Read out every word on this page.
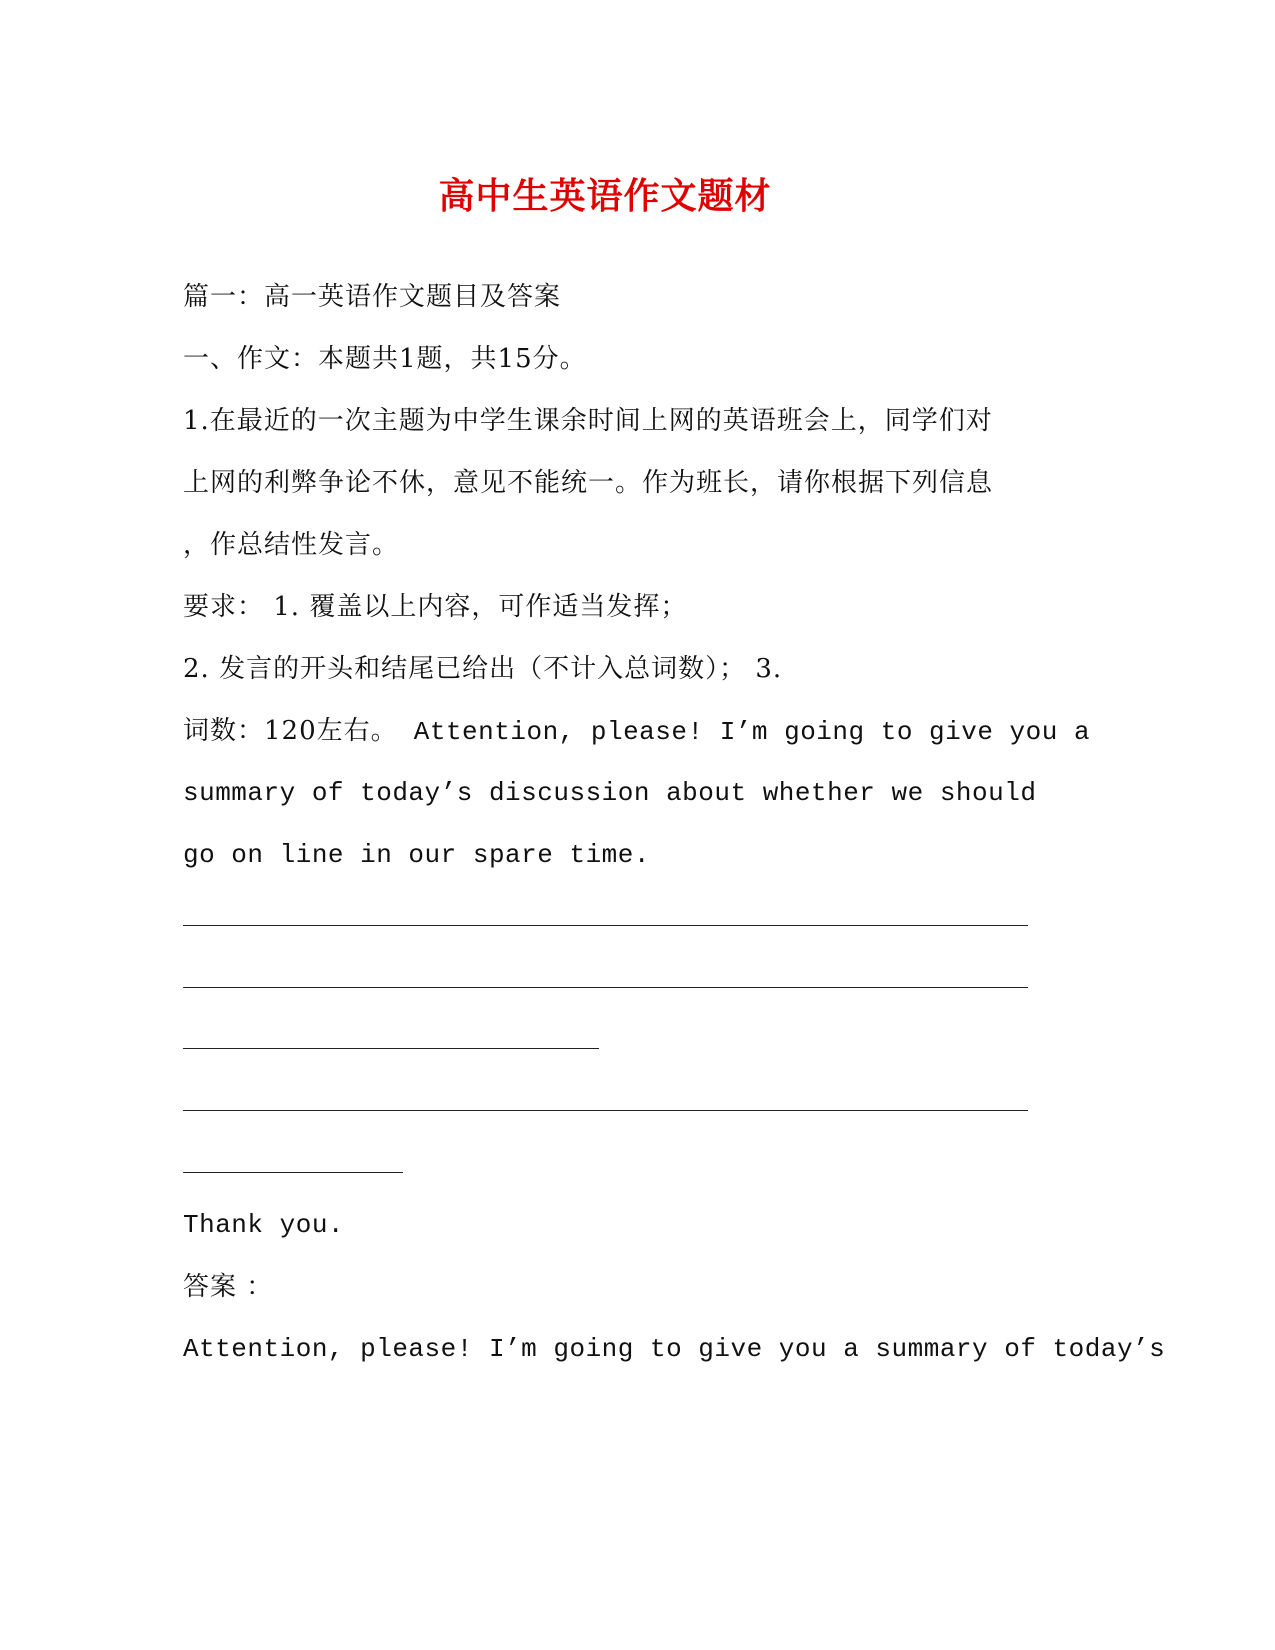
高中生英语作文题材
篇一：高一英语作文题目及答案
一、作文：本题共1题，共15分。
1.在最近的一次主题为中学生课余时间上网的英语班会上，同学们对
上网的利弊争论不休，意见不能统一。作为班长，请你根据下列信息
，作总结性发言。
要求： 1. 覆盖以上内容，可作适当发挥；
2. 发言的开头和结尾已给出（不计入总词数）； 3.
词数：120左右。 Attention, please! I’m going to give you a
summary of today’s discussion about whether we should
go on line in our spare time.
Thank you.
答案 ：
Attention, please! I’m going to give you a summary of today’s
